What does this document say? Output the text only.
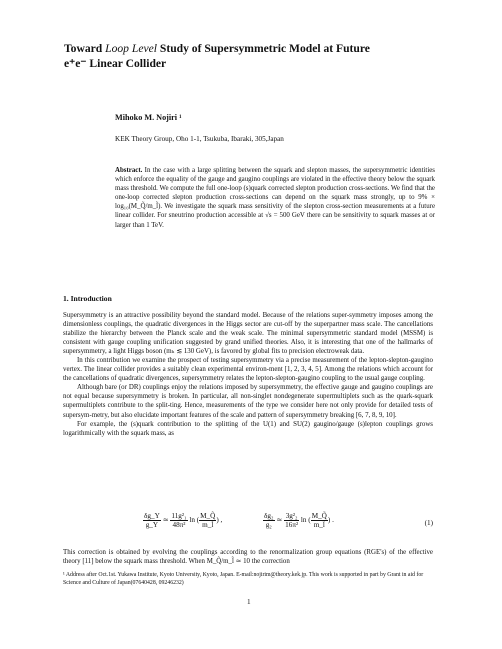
Toward Loop Level Study of Supersymmetric Model at Future
e⁺e⁻ Linear Collider
Mihoko M. Nojiri ¹
KEK Theory Group, Oho 1-1, Tsukuba, Ibaraki, 305,Japan
Abstract. In the case with a large splitting between the squark and slepton masses, the supersymmetric identities which enforce the equality of the gauge and gaugino couplings are violated in the effective theory below the squark mass threshold. We compute the full one-loop (s)quark corrected slepton production cross-sections. We find that the one-loop corrected slepton production cross-sections can depend on the squark mass strongly, up to 9% × log₁₀(M_Q̃/m_l̃). We investigate the squark mass sensitivity of the slepton cross-section measurements at a future linear collider. For sneutrino production accessible at √s = 500 GeV there can be sensitivity to squark masses at or larger than 1 TeV.
1. Introduction

Supersymmetry is an attractive possibility beyond the standard model. Because of the relations super-symmetry imposes among the dimensionless couplings, the quadratic divergences in the Higgs sector are cut-off by the superpartner mass scale. The cancellations stabilize the hierarchy between the Planck scale and the weak scale. The minimal supersymmetric standard model (MSSM) is consistent with gauge coupling unification suggested by grand unified theories. Also, it is interesting that one of the hallmarks of supersymmetry, a light Higgs boson (mₕ ≲ 130 GeV), is favored by global fits to precision electroweak data.

In this contribution we examine the prospect of testing supersymmetry via a precise measurement of the lepton-slepton-gaugino vertex. The linear collider provides a suitably clean experimental environ-ment [1, 2, 3, 4, 5]. Among the relations which account for the cancellations of quadratic divergences, supersymmetry relates the lepton-slepton-gaugino coupling to the usual gauge coupling.

Although bare (or DR) couplings enjoy the relations imposed by supersymmetry, the effective gauge and gaugino couplings are not equal because supersymmetry is broken. In particular, all non-singlet nondegenerate supermultiplets such as the quark-squark supermultiplets contribute to the split-ting. Hence, measurements of the type we consider here not only provide for detailed tests of supersym-metry, but also elucidate important features of the scale and pattern of supersymmetry breaking [6, 7, 8, 9, 10].

For example, the (s)quark contribution to the splitting of the U(1) and SU(2) gaugino/gauge (s)lepton couplings grows logarithmically with the squark mass, as

$\frac{\delta g\_Y}{g\_Y}$ ≃ $\frac{\text{11g²₁}}{\text{48π²}}$ ln ( $\frac{M\_Q̃}{m\_l̃}$ ) ,	$\frac{\text{δg₂}}{\text{g₂}}$ ≃ $\frac{\text{3g²₂}}{\text{16π²}}$ ln ( $\frac{M\_Q̃}{m\_l̃}$ ) .	(1)
This correction is obtained by evolving the couplings according to the renormalization group equations (RGE's) of the effective theory [11] below the squark mass threshold. When M_Q̃/m_l̃ ≃ 10 the correction
¹ Address after Oct.1st. Yukawa Institute, Kyoto University, Kyoto, Japan. E-mail:nojirim@theory.kek.jp. This work is supported in part by Grant in aid for Science and Culture of Japan(07640428, 09246232)
1
